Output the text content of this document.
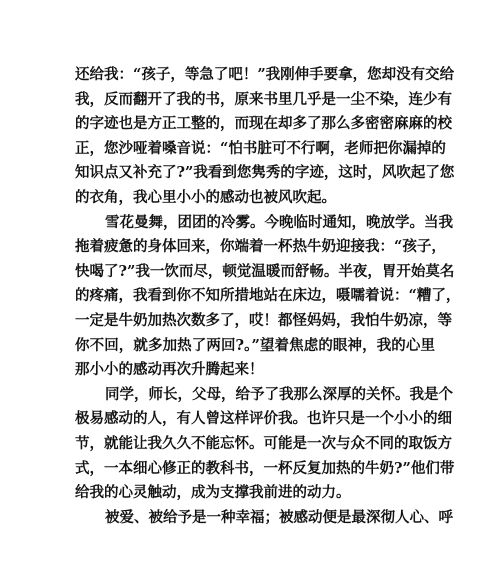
还给我：“孩子，等急了吧！”我刚伸手要拿，您却没有交给
我，反而翻开了我的书，原来书里几乎是一尘不染，连少有
的字迹也是方正工整的，而现在却多了那么多密密麻麻的校
正，您沙哑着嗓音说：“怕书脏可不行啊，老师把你漏掉的
知识点又补充了?”我看到您隽秀的字迹，这时，风吹起了您
的衣角，我心里小小的感动也被风吹起。
雪花曼舞，团团的冷雾。今晚临时通知，晚放学。当我
拖着疲惫的身体回来，你端着一杯热牛奶迎接我：“孩子，
快喝了?”我一饮而尽，顿觉温暖而舒畅。半夜，胃开始莫名
的疼痛，我看到你不知所措地站在床边，嗫嚅着说：“糟了，
一定是牛奶加热次数多了，哎！都怪妈妈，我怕牛奶凉，等
你不回，就多加热了两回?。”望着焦虑的眼神，我的心里
那小小的感动再次升腾起来！
同学，师长，父母，给予了我那么深厚的关怀。我是个
极易感动的人，有人曾这样评价我。也许只是一个小小的细
节，就能让我久久不能忘怀。可能是一次与众不同的取饭方
式，一本细心修正的教科书，一杯反复加热的牛奶?”他们带
给我的心灵触动，成为支撑我前进的动力。
被爱、被给予是一种幸福；被感动便是最深彻人心、呼
